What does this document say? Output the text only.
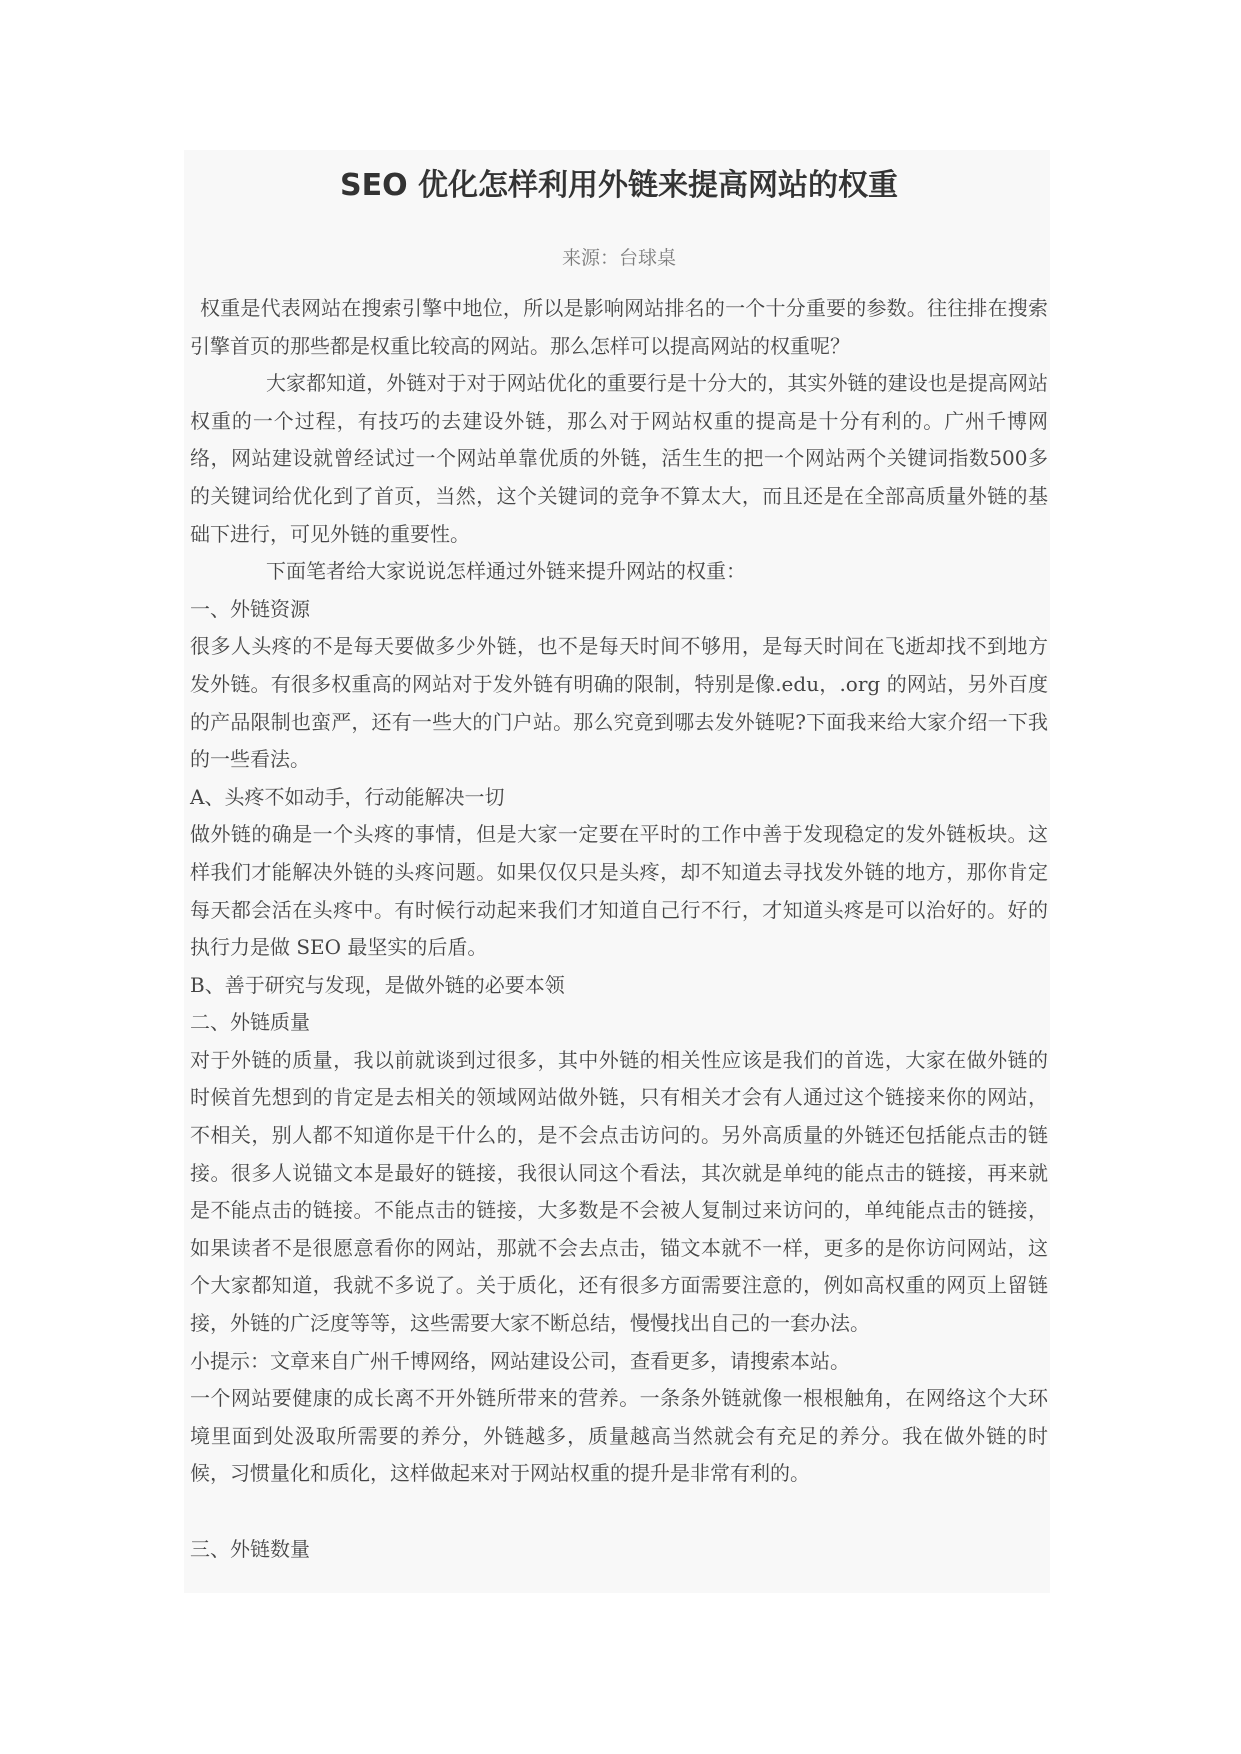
SEO 优化怎样利用外链来提高网站的权重
来源：台球桌

权重是代表网站在搜索引擎中地位，所以是影响网站排名的一个十分重要的参数。往往排在搜索引擎首页的那些都是权重比较高的网站。那么怎样可以提高网站的权重呢？

大家都知道，外链对于对于网站优化的重要行是十分大的，其实外链的建设也是提高网站权重的一个过程，有技巧的去建设外链，那么对于网站权重的提高是十分有利的。广州千博网络，网站建设就曾经试过一个网站单靠优质的外链，活生生的把一个网站两个关键词指数500多的关键词给优化到了首页，当然，这个关键词的竞争不算太大，而且还是在全部高质量外链的基础下进行，可见外链的重要性。

下面笔者给大家说说怎样通过外链来提升网站的权重：

一、外链资源

很多人头疼的不是每天要做多少外链，也不是每天时间不够用，是每天时间在飞逝却找不到地方发外链。有很多权重高的网站对于发外链有明确的限制，特别是像.edu，.org 的网站，另外百度的产品限制也蛮严，还有一些大的门户站。那么究竟到哪去发外链呢?下面我来给大家介绍一下我的一些看法。

A、头疼不如动手，行动能解决一切

做外链的确是一个头疼的事情，但是大家一定要在平时的工作中善于发现稳定的发外链板块。这样我们才能解决外链的头疼问题。如果仅仅只是头疼，却不知道去寻找发外链的地方，那你肯定每天都会活在头疼中。有时候行动起来我们才知道自己行不行，才知道头疼是可以治好的。好的执行力是做 SEO 最坚实的后盾。

B、善于研究与发现，是做外链的必要本领

二、外链质量

对于外链的质量，我以前就谈到过很多，其中外链的相关性应该是我们的首选，大家在做外链的时候首先想到的肯定是去相关的领域网站做外链，只有相关才会有人通过这个链接来你的网站，不相关，别人都不知道你是干什么的，是不会点击访问的。另外高质量的外链还包括能点击的链接。很多人说锚文本是最好的链接，我很认同这个看法，其次就是单纯的能点击的链接，再来就是不能点击的链接。不能点击的链接，大多数是不会被人复制过来访问的，单纯能点击的链接，如果读者不是很愿意看你的网站，那就不会去点击，锚文本就不一样，更多的是你访问网站，这个大家都知道，我就不多说了。关于质化，还有很多方面需要注意的，例如高权重的网页上留链接，外链的广泛度等等，这些需要大家不断总结，慢慢找出自己的一套办法。

小提示：文章来自广州千博网络，网站建设公司，查看更多，请搜索本站。

一个网站要健康的成长离不开外链所带来的营养。一条条外链就像一根根触角，在网络这个大环境里面到处汲取所需要的养分，外链越多，质量越高当然就会有充足的养分。我在做外链的时候，习惯量化和质化，这样做起来对于网站权重的提升是非常有利的。

三、外链数量
